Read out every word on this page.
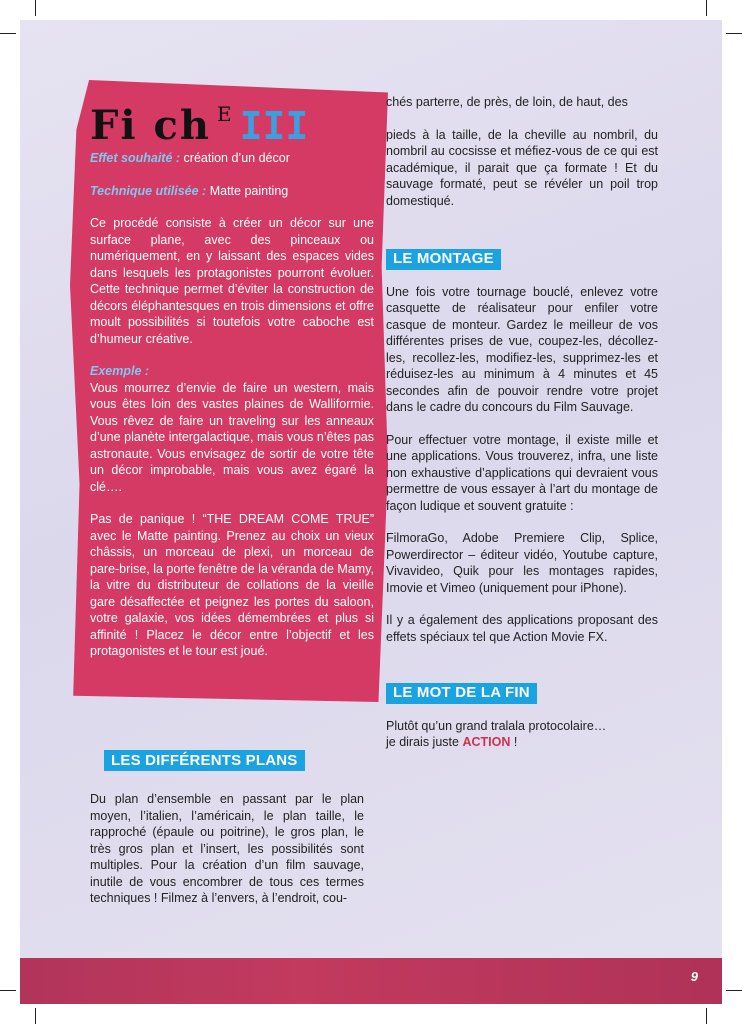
Fi ch E III

Effet souhaité : création d’un décor

Technique utilisée : Matte painting

Ce procédé consiste à créer un décor sur une surface plane, avec des pinceaux ou numériquement, en y laissant des espaces vides dans lesquels les protagonistes pourront évoluer. Cette technique permet d’éviter la construction de décors éléphantesques en trois dimensions et offre moult possibilités si toutefois votre caboche est d’humeur créative.

Exemple :

Vous mourrez d’envie de faire un western, mais vous êtes loin des vastes plaines de Walliformie. Vous rêvez de faire un traveling sur les anneaux d’une planète intergalactique, mais vous n’êtes pas astronaute. Vous envisagez de sortir de votre tête un décor improbable, mais vous avez égaré la clé….

Pas de panique ! “THE DREAM COME TRUE” avec le Matte painting. Prenez au choix un vieux châssis, un morceau de plexi, un morceau de pare-brise, la porte fenêtre de la véranda de Mamy, la vitre du distributeur de collations de la vieille gare désaffectée et peignez les portes du saloon, votre galaxie, vos idées démembrées et plus si affinité ! Placez le décor entre l’objectif et les protagonistes et le tour est joué.

LES DIFFÉRENTS PLANS
Du plan d’ensemble en passant par le plan moyen, l’italien, l’américain, le plan taille, le rapproché (épaule ou poitrine), le gros plan, le très gros plan et l’insert, les possibilités sont multiples. Pour la création d’un film sauvage, inutile de vous encombrer de tous ces termes techniques ! Filmez à l’envers, à l’endroit, cou-

chés parterre, de près, de loin, de haut, des

pieds à la taille, de la cheville au nombril, du nombril au cocsisse et méfiez-vous de ce qui est académique, il parait que ça formate ! Et du sauvage formaté, peut se révéler un poil trop domestiqué.

LE MONTAGE

Une fois votre tournage bouclé, enlevez votre casquette de réalisateur pour enfiler votre casque de monteur. Gardez le meilleur de vos différentes prises de vue, coupez-les, décollez-les, recollez-les, modifiez-les, supprimez-les et réduisez-les au minimum à 4 minutes et 45 secondes afin de pouvoir rendre votre projet dans le cadre du concours du Film Sauvage.

Pour effectuer votre montage, il existe mille et une applications. Vous trouverez, infra, une liste non exhaustive d’applications qui devraient vous permettre de vous essayer à l’art du montage de façon ludique et souvent gratuite :

FilmoraGo, Adobe Premiere Clip, Splice, Powerdirector – éditeur vidéo, Youtube capture, Vivavideo, Quik pour les montages rapides, Imovie et Vimeo (uniquement pour iPhone).

Il y a également des applications proposant des effets spéciaux tel que Action Movie FX.

LE MOT DE LA FIN

Plutôt qu’un grand tralala protocolaire…

je dirais juste ACTION !

9
